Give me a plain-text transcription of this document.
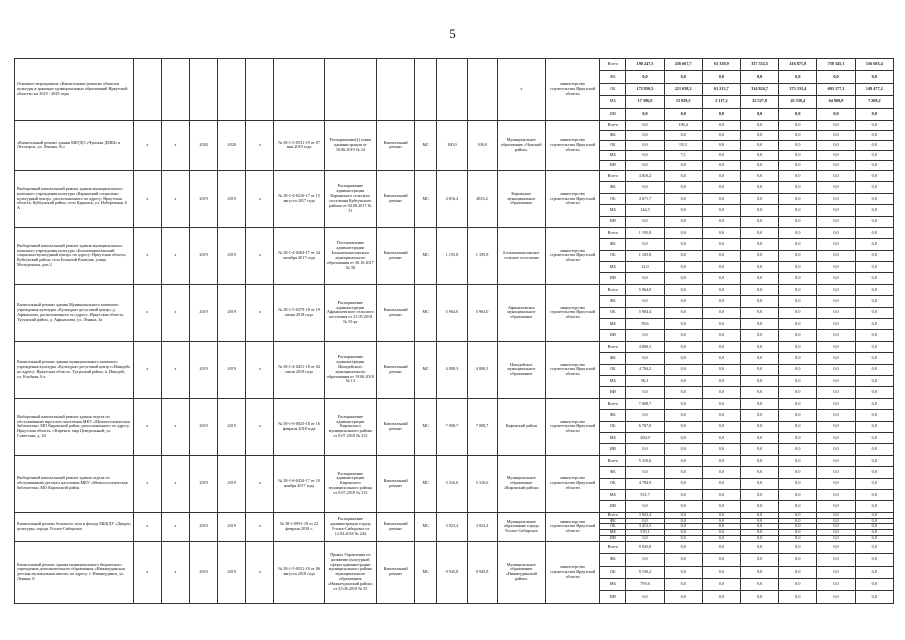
5
Основное мероприятие «Капитальные ремонты объектов культуры в границах муниципальных образований Иркутской области» на 2019 - 2025 годы												х	министерство строительства Иркутской области	Всего	190 247,3	256 667,7	63 330,9	357 352,5	416 871,8	758 345,1	156 683,4
														ФБ	0,0	0,0	0,0	0,0	0,0	0,0	0,0
														ОБ	172 850,5	221 038,2	61 213,7	334 824,7	373 333,4	693 177,3	149 477,2
														МБ	17 396,8	15 029,5	2 117,2	22 527,8	43 538,4	64 968,0	7 208,2
														ИИ	0,0	0,0	0,0	0,0	0,0	0,0	0,0
«Капитальный ремонт здания МБУДО «Чунская ДМШ» в Лесогорск, ул. Ленина, 8»»	х	х	2020	2020	х	№ 38-1-5-0531-19 от 07 мая 2019 года	Распоряжение(4) главы администрации от 18.06.2019 № 24	Капитальный ремонт	МС	100,0	100,0	Муниципальное образование «Чунский район»	министерство строительства Иркутской области	Всего	0,0	100,4	0,0	0,0	0,0	0,0	0,0
														ФБ	0,0	0,0	0,0	0,0	0,0	0,0	0,0
														ОБ	0,0	93,3	0,0	0,0	0,0	0,0	0,0
														МБ	0,0	7,1	0,0	0,0	0,0	0,0	0,0
														ИИ	0,0	0,0	0,0	0,0	0,0	0,0	0,0
Выборочный капитальный ремонт здания муниципального казенного учреждения культуры «Карымский социально-культурный центр», расположенного по адресу: Иркутская область, Куйтунский район, село Карымск, ул. Набережная, 6 А	х	х	2019	2019	х	№ 38-1-4-0216-17 от 15 августа 2017 года	Распоряжение администрации Карымского сельского поселения Куйтунского района от 04.08.2017 № 31	Капитальный ремонт	МС	4 816,2	4816,2	Карымское муниципальное образование	министерство строительства Иркутской области	Всего	4 816,2	0,0	0,0	0,0	0,0	0,0	0,0
														ФБ	0,0	0,0	0,0	0,0	0,0	0,0	0,0
														ОБ	4 671,7	0,0	0,0	0,0	0,0	0,0	0,0
														МБ	144,5	0,0	0,0	0,0	0,0	0,0	0,0
														ИИ	0,0	0,0	0,0	0,0	0,0	0,0	0,0
Выборочный капитальный ремонт здания муниципального казенного учреждения культуры «Большекашелакский социально-культурный центр» по адресу: Иркутская область, Куйтунский район, село Большой Кашелак, улица Молодежная, дом 2	х	х	2019	2019	х	№ 38-1-4-0284-17 от 24 октября 2017 года	Постановление администрации Большекашелакского муниципального образования от 30.10.2017 № 38	Капитальный ремонт	МС	1 195,8	1 195,8	Большекашелакское сельское поселение	министерство строительства Иркутской области	Всего	1 195,8	0,0	0,0	0,0	0,0	0,0	0,0
														ФБ	0,0	0,0	0,0	0,0	0,0	0,0	0,0
														ОБ	1 183,8	0,0	0,0	0,0	0,0	0,0	0,0
														МБ	12,0	0,0	0,0	0,0	0,0	0,0	0,0
														ИИ	0,0	0,0	0,0	0,0	0,0	0,0	0,0
Капитальный ремонт здания Муниципального казенного учреждения культуры «Культурно-досуговый центр» д. Афанасьева, расположенного по адресу: Иркутская область, Тулунский район, д. Афанасьева, ул. Ленина, 4а	х	х	2019	2019	х	№ 38-1-5-0379-18 от 19 июня 2018 года	Распоряжение администрации Афанасьевского сельского поселения от 21.05.2018 № 53-рг	Капитальный ремонт	МС	5 964,0	5 964,0	Афанасьевское муниципальное образование	министерство строительства Иркутской области	Всего	5 964,0	0,0	0,0	0,0	0,0	0,0	0,0
														ФБ	0,0	0,0	0,0	0,0	0,0	0,0	0,0
														ОБ	5 904,4	0,0	0,0	0,0	0,0	0,0	0,0
														МБ	59,6	0,0	0,0	0,0	0,0	0,0	0,0
														ИИ	0,0	0,0	0,0	0,0	0,0	0,0	0,0
Капитальный ремонт здания муниципального казенного учреждения культуры «Культурно-досуговый центр п.Ишидей» по адресу: Иркутская область, Тулунский район, п. Ишидей, ул. Клубная, 6 а	х	х	2019	2019	х	№ 38-1-4-0451-18 от 04 июля 2018 года	Распоряжение администрации Ишидейского муниципального образования от 19.06.2018 № 13	Капитальный ремонт	МС	4 800,3	4 800,3	Ишидейское муниципальное образование	министерство строительства Иркутской области	Всего	4 800,3	0,0	0,0	0,0	0,0	0,0	0,0
														ФБ	0,0	0,0	0,0	0,0	0,0	0,0	0,0
														ОБ	4 704,2	0,0	0,0	0,0	0,0	0,0	0,0
														МБ	96,1	0,0	0,0	0,0	0,0	0,0	0,0
														ИИ	0,0	0,0	0,0	0,0	0,0	0,0	0,0
Выборочный капитальный ремонт здания отдела по обслуживанию взрослого населения МКУ «Межпоселенческая библиотека» МО Киренский район, расположенного по адресу: Иркутская область, г.Киренск, мкр.Центральный, ул. Советская, д. 20	х	х	2019	2019	х	№ 38-1-6-0025-18 от 16 февраля 2018 года	Распоряжение администрации Киренского муниципального района от 9.07.2018 № 312	Капитальный ремонт	МС	7 008,7	7 008,7	Киренский район	министерство строительства Иркутской области	Всего	7 008,7	0,0	0,0	0,0	0,0	0,0	0,0
														ФБ	0,0	0,0	0,0	0,0	0,0	0,0	0,0
														ОБ	6 707,8	0,0	0,0	0,0	0,0	0,0	0,0
														МБ	300,9	0,0	0,0	0,0	0,0	0,0	0,0
														ИИ	0,0	0,0	0,0	0,0	0,0	0,0	0,0
Выборочный капитальный ремонт здания отдела по обслуживанию детского населения МКУ «Межпоселенческая библиотека» МО Киренский район	х	х	2019	2019	х	№ 38-1-6-0434-17 от 10 ноября 2017 года	Распоряжение администрации Киренского муниципального района от 9.07.2018 № 313	Капитальный ремонт	МС	5 316,6	5 316,6	Муниципальное образование «Киренский район»	министерство строительства Иркутской области	Всего	5 316,6	0,0	0,0	0,0	0,0	0,0	0,0
														ФБ	0,0	0,0	0,0	0,0	0,0	0,0	0,0
														ОБ	4 784,9	0,0	0,0	0,0	0,0	0,0	0,0
														МБ	531,7	0,0	0,0	0,0	0,0	0,0	0,0
														ИИ	0,0	0,0	0,0	0,0	0,0	0,0	0,0
Капитальный ремонт большого зала и фасада МБКДУ «Дворец культуры» города Усолье-Сибирское	х	х	2019	2019	х	№ 38-1-0091-18 от 22 февраля 2018 г.	Распоряжение администрации города Усолье-Сибирское от 12.04.2018 № 244	Капитальный ремонт	МС	3 923,4	3 923,4	Муниципальное образование города Усолье-Сибирское	министерство строительства Иркутской области	Всего	3 923,4	0,0	0,0	0,0	0,0	0,0	0,0
														ФБ	0,0	0,0	0,0	0,0	0,0	0,0	0,0
														ОБ	3 413,3	0,0	0,0	0,0	0,0	0,0	0,0
														МБ	510,1	0,0	0,0	0,0	0,0	0,0	0,0
														ИИ	0,0	0,0	0,0	0,0	0,0	0,0	0,0
Капитальный ремонт здания муниципального бюджетного учреждения дополнительного образования «Нижнеудинская детская музыкальная школа» по адресу: г. Нижнеудинск, ул. Ленина, 8	х	х	2019	2019	х	№ 38-1-5-0521-18 от 06 августа 2018 года	Приказ Управления по развитию культурной сферы администрации муниципального района муниципального образования «Нижнеудинский район» от 25.06.2018 № 35	Капитальный ремонт	МС	9 945,8	9 945,8	Муниципальное образование «Нижнеудинский район»	министерство строительства Иркутской области	Всего	9 945,8	0,0	0,0	0,0	0,0	0,0	0,0
														ФБ	0,0	0,0	0,0	0,0	0,0	0,0	0,0
														ОБ	9 150,2	0,0	0,0	0,0	0,0	0,0	0,0
														МБ	795,6	0,0	0,0	0,0	0,0	0,0	0,0
														ИИ	0,0	0,0	0,0	0,0	0,0	0,0	0,0
